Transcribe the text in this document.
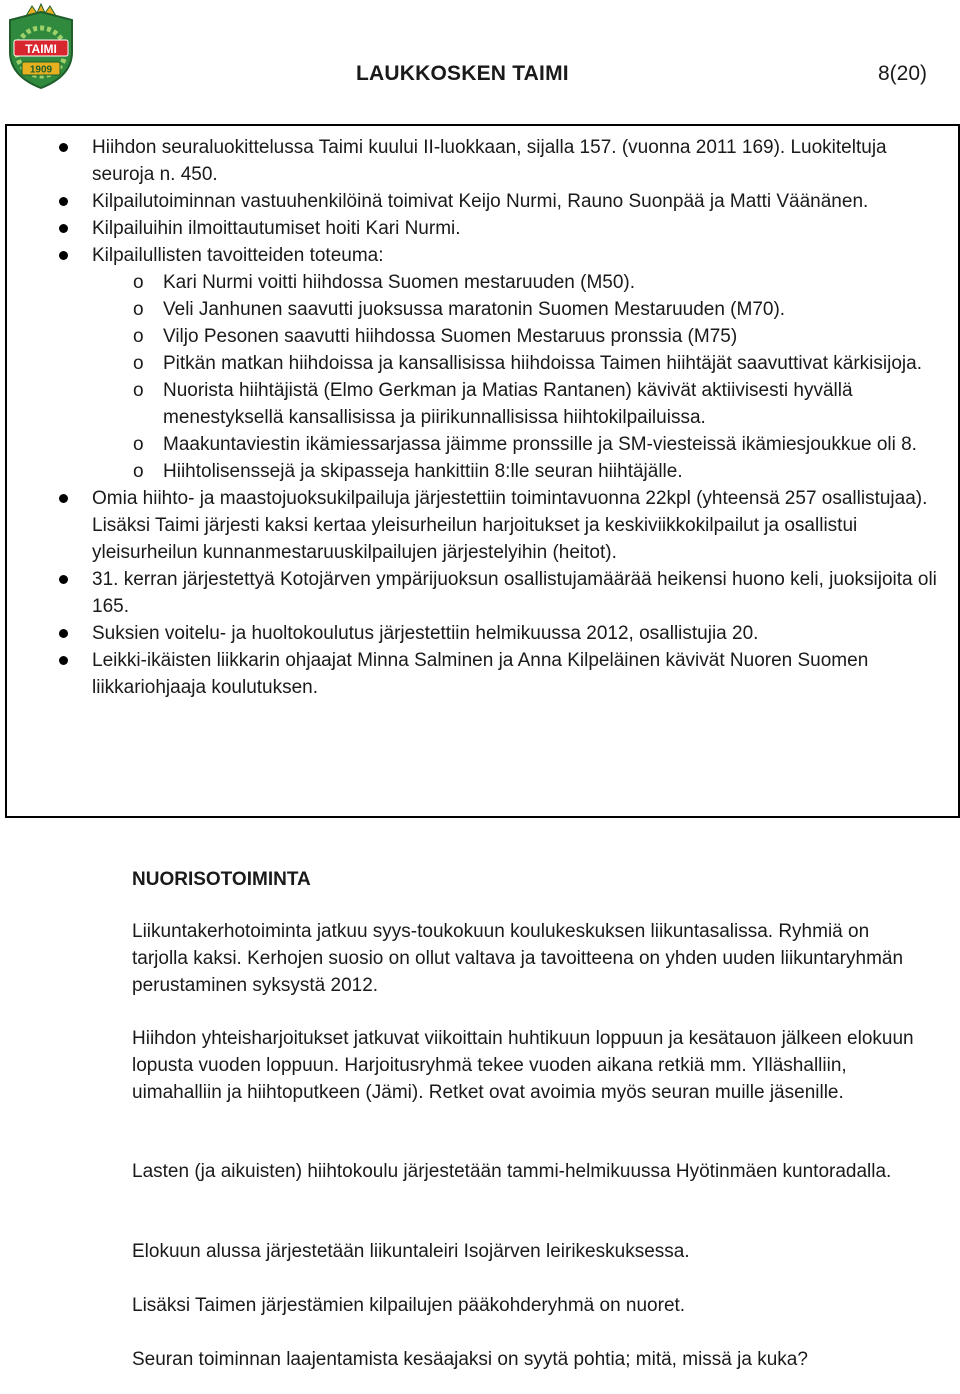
TAIMI
1909	LAUKKOSKEN TAIMI	8(20)
Hiihdon seuraluokittelussa Taimi kuului II-luokkaan, sijalla 157. (vuonna 2011 169). Luokiteltuja seuroja n. 450.
Kilpailutoiminnan vastuuhenkilöinä toimivat Keijo Nurmi, Rauno Suonpää ja Matti Väänänen.
Kilpailuihin ilmoittautumiset hoiti Kari Nurmi.
Kilpailullisten tavoitteiden toteuma:
o Kari Nurmi voitti hiihdossa Suomen mestaruuden (M50).
o Veli Janhunen saavutti juoksussa maratonin Suomen Mestaruuden (M70).
o Viljo Pesonen saavutti hiihdossa Suomen Mestaruus pronssia (M75)
o Pitkän matkan hiihdoissa ja kansallisissa hiihdoissa Taimen hiihtäjät saavuttivat kärkisijoja.
o Nuorista hiihtäjistä (Elmo Gerkman ja Matias Rantanen) kävivät aktiivisesti hyvällä menestyksellä kansallisissa ja piirikunnallisissa hiihtokilpailuissa.
o Maakuntaviestin ikämiessarjassa jäimme pronssille ja SM-viesteissä ikämiesjoukkue oli 8.
o Hiihtolisenssejä ja skipasseja hankittiin 8:lle seuran hiihtäjälle.
Omia hiihto- ja maastojuoksukilpailuja järjestettiin toimintavuonna 22kpl (yhteensä 257 osallistujaa). Lisäksi Taimi järjesti kaksi kertaa yleisurheilun harjoitukset ja keskiviikkokilpailut ja osallistui yleisurheilun kunnanmestaruuskilpailujen järjestelyihin (heitot).
31. kerran järjestettyä Kotojärven ympärijuoksun osallistujamäärää heikensi huono keli, juoksijoita oli 165.
Suksien voitelu- ja huoltokoulutus järjestettiin helmikuussa 2012, osallistujia 20.
Leikki-ikäisten liikkarin ohjaajat Minna Salminen ja Anna Kilpeläinen kävivät Nuoren Suomen liikkariohjaaja koulutuksen.
NUORISOTOIMINTA
Liikuntakerhotoiminta jatkuu syys-toukokuun koulukeskuksen liikuntasalissa. Ryhmiä on tarjolla kaksi. Kerhojen suosio on ollut valtava ja tavoitteena on yhden uuden liikuntaryhmän perustaminen syksystä 2012.
Hiihdon yhteisharjoitukset jatkuvat viikoittain huhtikuun loppuun ja kesätauon jälkeen elokuun lopusta vuoden loppuun. Harjoitusryhmä tekee vuoden aikana retkiä mm. Ylläshalliin, uimahalliin ja hiihtoputkeen (Jämi). Retket ovat avoimia myös seuran muille jäsenille.
Lasten (ja aikuisten) hiihtokoulu järjestetään tammi-helmikuussa Hyötinmäen kuntoradalla.
Elokuun alussa järjestetään liikuntaleiri Isojärven leirikeskuksessa.
Lisäksi Taimen järjestämien kilpailujen pääkohderyhmä on nuoret.
Seuran toiminnan laajentamista kesäajaksi on syytä pohtia; mitä, missä ja kuka?
